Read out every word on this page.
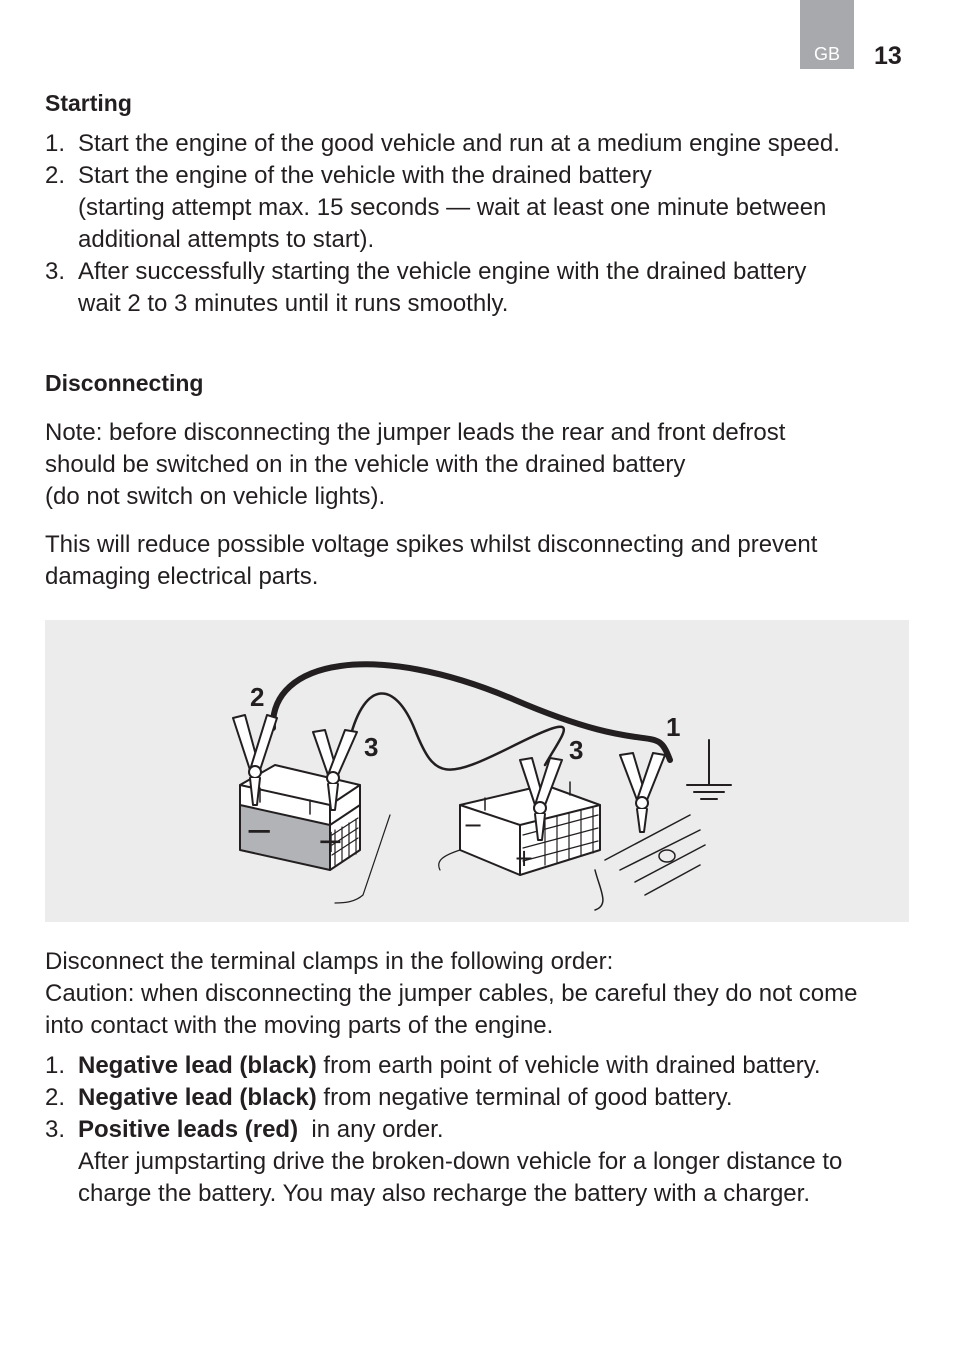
GB	13
Starting
1. Start the engine of the good vehicle and run at a medium engine speed.
2. Start the engine of the vehicle with the drained battery
(starting attempt max. 15 seconds — wait at least one minute between
additional attempts to start).
3. After successfully starting the vehicle engine with the drained battery
wait 2 to 3 minutes until it runs smoothly.
Disconnecting
Note: before disconnecting the jumper leads the rear and front defrost
should be switched on in the vehicle with the drained battery
(do not switch on vehicle lights).
This will reduce possible voltage spikes whilst disconnecting and prevent
damaging electrical parts.
2
3	3
1
− +	−
+
Disconnect the terminal clamps in the following order:
Caution: when disconnecting the jumper cables, be careful they do not come
into contact with the moving parts of the engine.
1. Negative lead (black) from earth point of vehicle with drained battery.
2. Negative lead (black) from negative terminal of good battery.
3. Positive leads (red)  in any order.
After jumpstarting drive the broken-down vehicle for a longer distance to
charge the battery. You may also recharge the battery with a charger.
